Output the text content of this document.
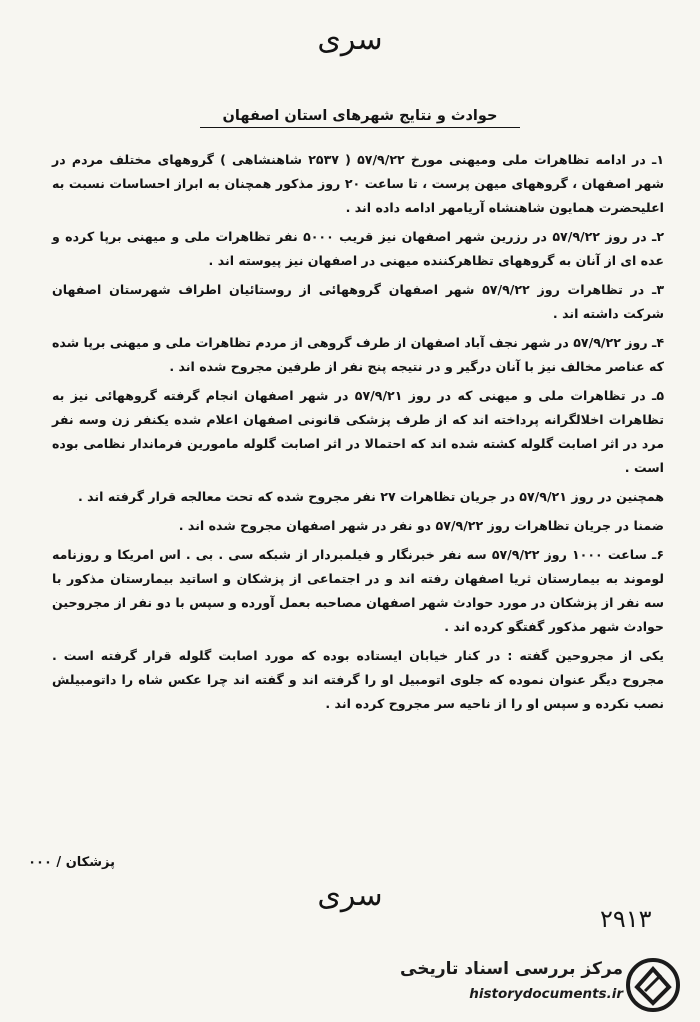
سری
حوادث و نتايج شهرهای استان اصفهان

۱ـ در ادامه تظاهرات ملی ومیهنی مورخ ۵۷/۹/۲۲ ( ۲۵۳۷ شاهنشاهی ) گروههای مختلف مردم در شهر اصفهان ، گروههای میهن پرست ، تا ساعت ۲۰ روز مذکور همچنان به ابراز احساسات نسبت به اعلیحضرت همایون شاهنشاه آریامهر ادامه داده اند .

۲ـ در روز ۵۷/۹/۲۲ در رزرین شهر اصفهان نیز قریب ۵۰۰۰ نفر تظاهرات ملی و میهنی برپا کرده و عده ای از آنان به گروههای تظاهرکننده میهنی در اصفهان نیز پیوسته اند .

۳ـ در تظاهرات روز ۵۷/۹/۲۲ شهر اصفهان گروههائی از روستائیان اطراف شهرستان اصفهان شرکت داشته اند .

۴ـ روز ۵۷/۹/۲۲ در شهر نجف آباد اصفهان از طرف گروهی از مردم تظاهرات ملی و میهنی برپا شده که عناصر مخالف نیز با آنان درگیر و در نتیجه پنج نفر از طرفین مجروح شده اند .

۵ـ در تظاهرات ملی و میهنی که در روز ۵۷/۹/۲۱ در شهر اصفهان انجام گرفته گروههائی نیز به تظاهرات اخلالگرانه پرداخته اند که از طرف پزشکی قانونی اصفهان اعلام شده یکنفر زن وسه نفر مرد در اثر اصابت گلوله کشته شده اند که احتمالا در اثر اصابت گلوله مامورین فرماندار نظامی بوده است .

همچنین در روز ۵۷/۹/۲۱ در جریان تظاهرات ۲۷ نفر مجروح شده که تحت معالجه قرار گرفته اند .

ضمنا در جریان تظاهرات روز ۵۷/۹/۲۲ دو نفر در شهر اصفهان مجروح شده اند .

۶ـ ساعت ۱۰۰۰ روز ۵۷/۹/۲۲ سه نفر خبرنگار و فیلمبردار از شبکه سی . بی . اس امریکا و روزنامه لوموند به بیمارستان ثریا اصفهان رفته اند و در اجتماعی از پزشکان و اساتید بیمارستان مذکور با سه نفر از پزشکان در مورد حوادث شهر اصفهان مصاحبه بعمل آورده و سپس با دو نفر از مجروحین حوادث شهر مذکور گفتگو کرده اند .

یکی از مجروحین گفته : در کنار خیابان ایستاده بوده که مورد اصابت گلوله قرار گرفته است . مجروح دیگر عنوان نموده که جلوی اتومبیل او را گرفته اند و گفته اند چرا عکس شاه را داتومبیلش نصب نکرده و سپس او را از ناحیه سر مجروح کرده اند .

پزشکان / ۰۰۰
سری
۲۹۱۳
مرکز بررسی اسناد تاریخی
historydocuments.ir
